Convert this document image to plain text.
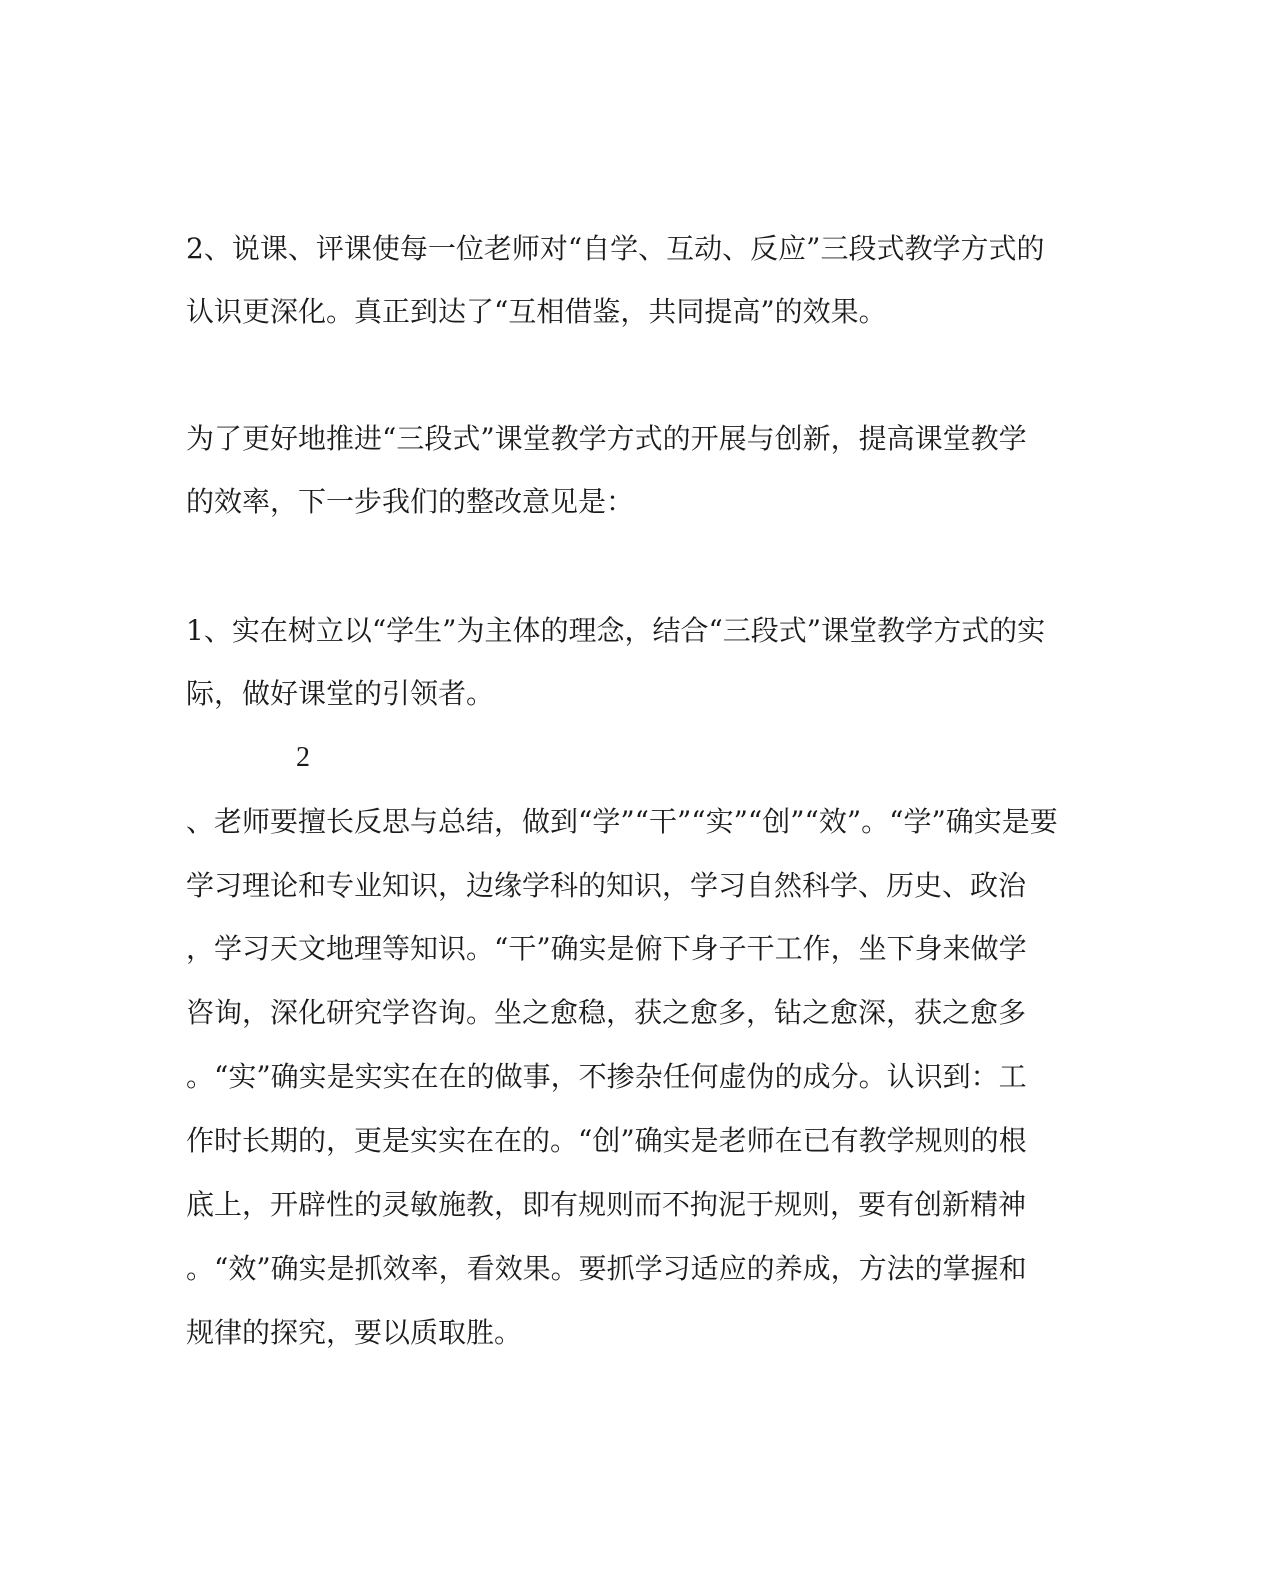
2、说课、评课使每一位老师对“自学、互动、反应”三段式教学方式的
认识更深化。真正到达了“互相借鉴，共同提高”的效果。
为了更好地推进“三段式”课堂教学方式的开展与创新，提高课堂教学
的效率，下一步我们的整改意见是：
1、实在树立以“学生”为主体的理念，结合“三段式”课堂教学方式的实
际，做好课堂的引领者。
2
、老师要擅长反思与总结，做到“学”“干”“实”“创”“效”。“学”确实是要
学习理论和专业知识，边缘学科的知识，学习自然科学、历史、政治
，学习天文地理等知识。“干”确实是俯下身子干工作，坐下身来做学
咨询，深化研究学咨询。坐之愈稳，获之愈多，钻之愈深，获之愈多
。“实”确实是实实在在的做事，不掺杂任何虚伪的成分。认识到：工
作时长期的，更是实实在在的。“创”确实是老师在已有教学规则的根
底上，开辟性的灵敏施教，即有规则而不拘泥于规则，要有创新精神
。“效”确实是抓效率，看效果。要抓学习适应的养成，方法的掌握和
规律的探究，要以质取胜。
